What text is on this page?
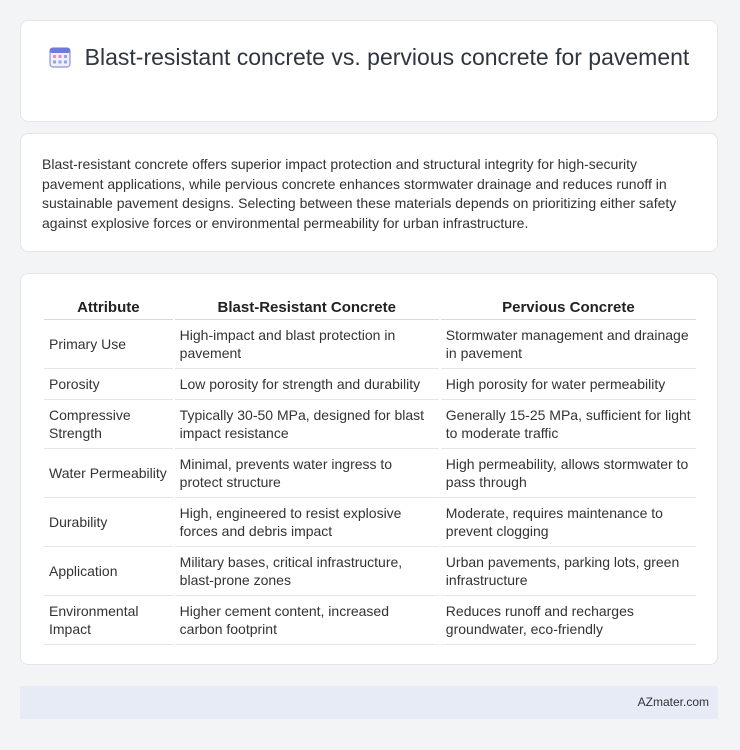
Blast-resistant concrete vs. pervious concrete for pavement
Blast-resistant concrete offers superior impact protection and structural integrity for high-security pavement applications, while pervious concrete enhances stormwater drainage and reduces runoff in sustainable pavement designs. Selecting between these materials depends on prioritizing either safety against explosive forces or environmental permeability for urban infrastructure.
Attribute	Blast-Resistant Concrete	Pervious Concrete
Primary Use	High-impact and blast protection in pavement	Stormwater management and drainage in pavement
Porosity	Low porosity for strength and durability	High porosity for water permeability
Compressive Strength	Typically 30-50 MPa, designed for blast impact resistance	Generally 15-25 MPa, sufficient for light to moderate traffic
Water Permeability	Minimal, prevents water ingress to protect structure	High permeability, allows stormwater to pass through
Durability	High, engineered to resist explosive forces and debris impact	Moderate, requires maintenance to prevent clogging
Application	Military bases, critical infrastructure, blast-prone zones	Urban pavements, parking lots, green infrastructure
Environmental Impact	Higher cement content, increased carbon footprint	Reduces runoff and recharges groundwater, eco-friendly
AZmater.com
